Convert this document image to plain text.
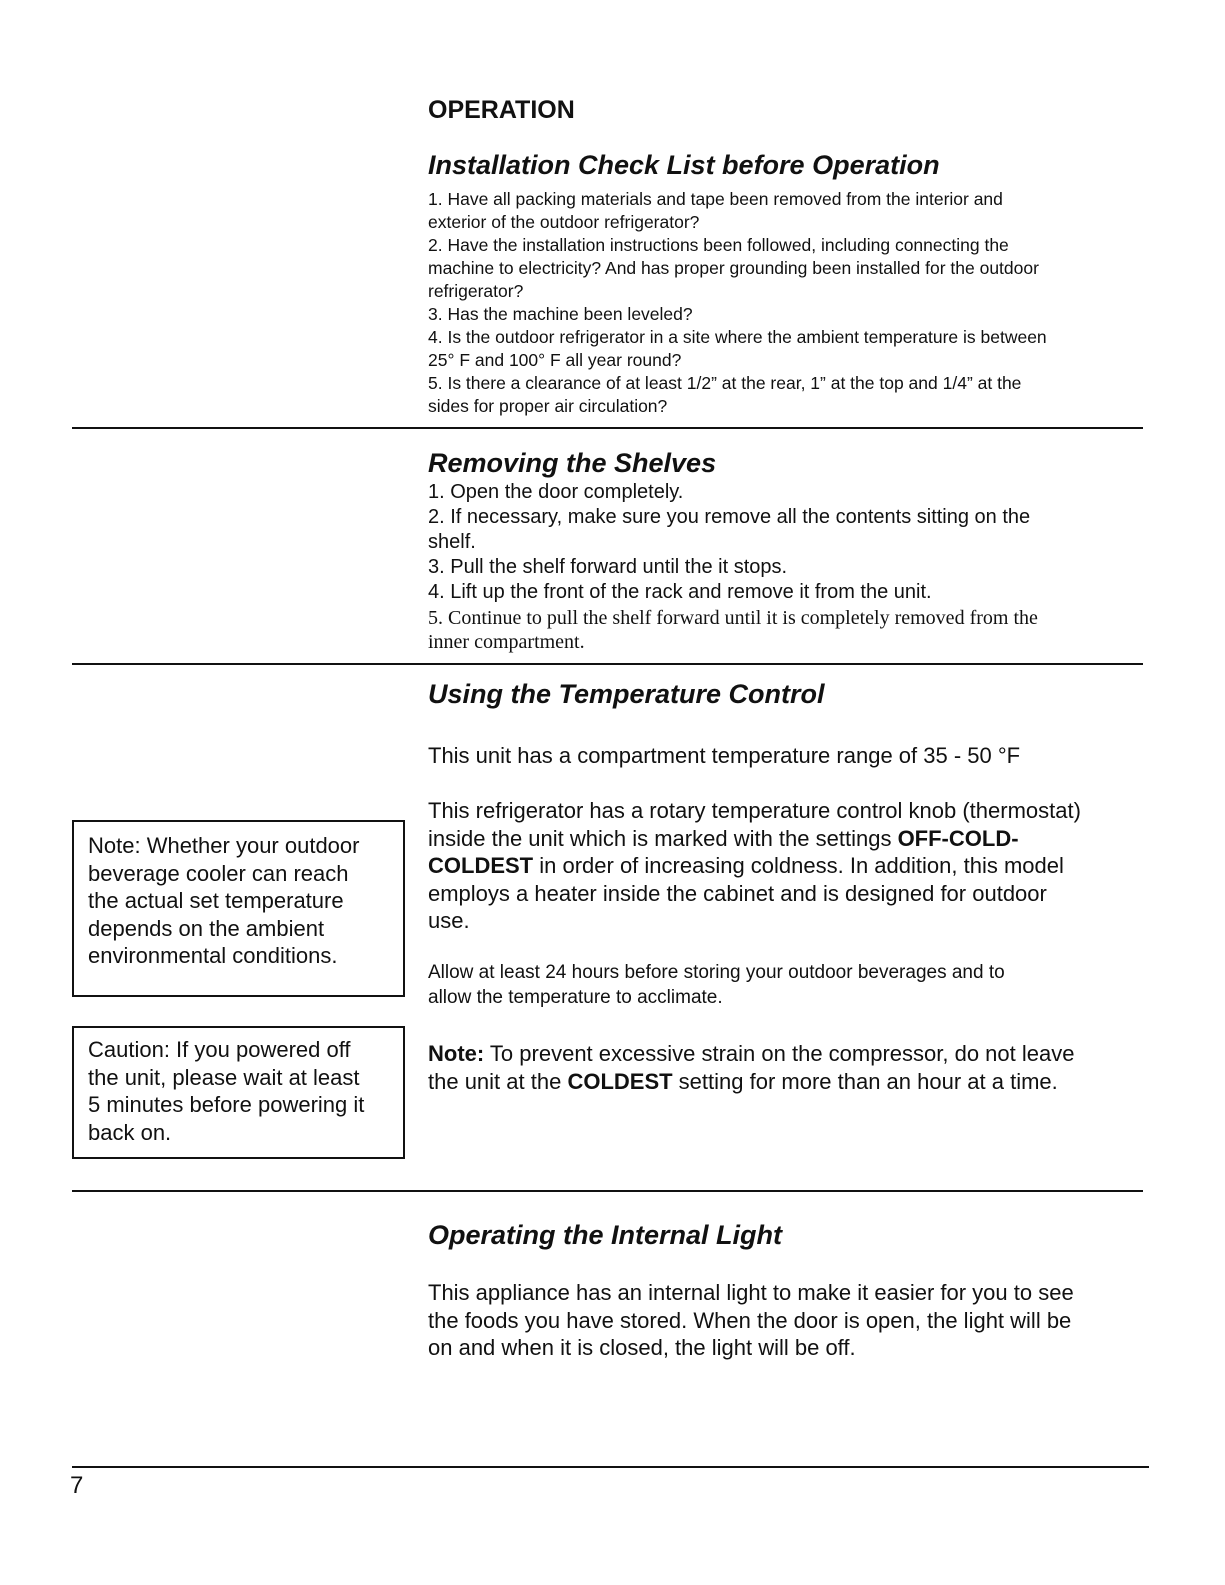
OPERATION
Installation Check List before Operation
1. Have all packing materials and tape been removed from the interior and
exterior of the outdoor refrigerator?
2. Have the installation instructions been followed, including connecting the
machine to electricity? And has proper grounding been installed for the outdoor
refrigerator?
3. Has the machine been leveled?
4. Is the outdoor refrigerator in a site where the ambient temperature is between
25° F and 100° F all year round?
5. Is there a clearance of at least 1/2” at the rear, 1” at the top and 1/4” at the
sides for proper air circulation?
Removing the Shelves
1. Open the door completely.
2. If necessary, make sure you remove all the contents sitting on the
shelf.
3. Pull the shelf forward until the it stops.
4. Lift up the front of the rack and remove it from the unit.
5. Continue to pull the shelf forward until it is completely removed from the
inner compartment.
Using the Temperature Control
This unit has a compartment temperature range of 35 - 50 °F
This refrigerator has a rotary temperature control knob (thermostat)
inside the unit which is marked with the settings OFF-COLD-
COLDEST in order of increasing coldness. In addition, this model
employs a heater inside the cabinet and is designed for outdoor
use.
Allow at least 24 hours before storing your outdoor beverages and to
allow the temperature to acclimate.
Note: To prevent excessive strain on the compressor, do not leave
the unit at the COLDEST setting for more than an hour at a time.
Note: Whether your outdoor
beverage cooler can reach
the actual set temperature
depends on the ambient
environmental conditions.
Caution: If you powered off
the unit, please wait at least
5 minutes before powering it
back on.
Operating the Internal Light
This appliance has an internal light to make it easier for you to see
the foods you have stored. When the door is open, the light will be
on and when it is closed, the light will be off.
7
